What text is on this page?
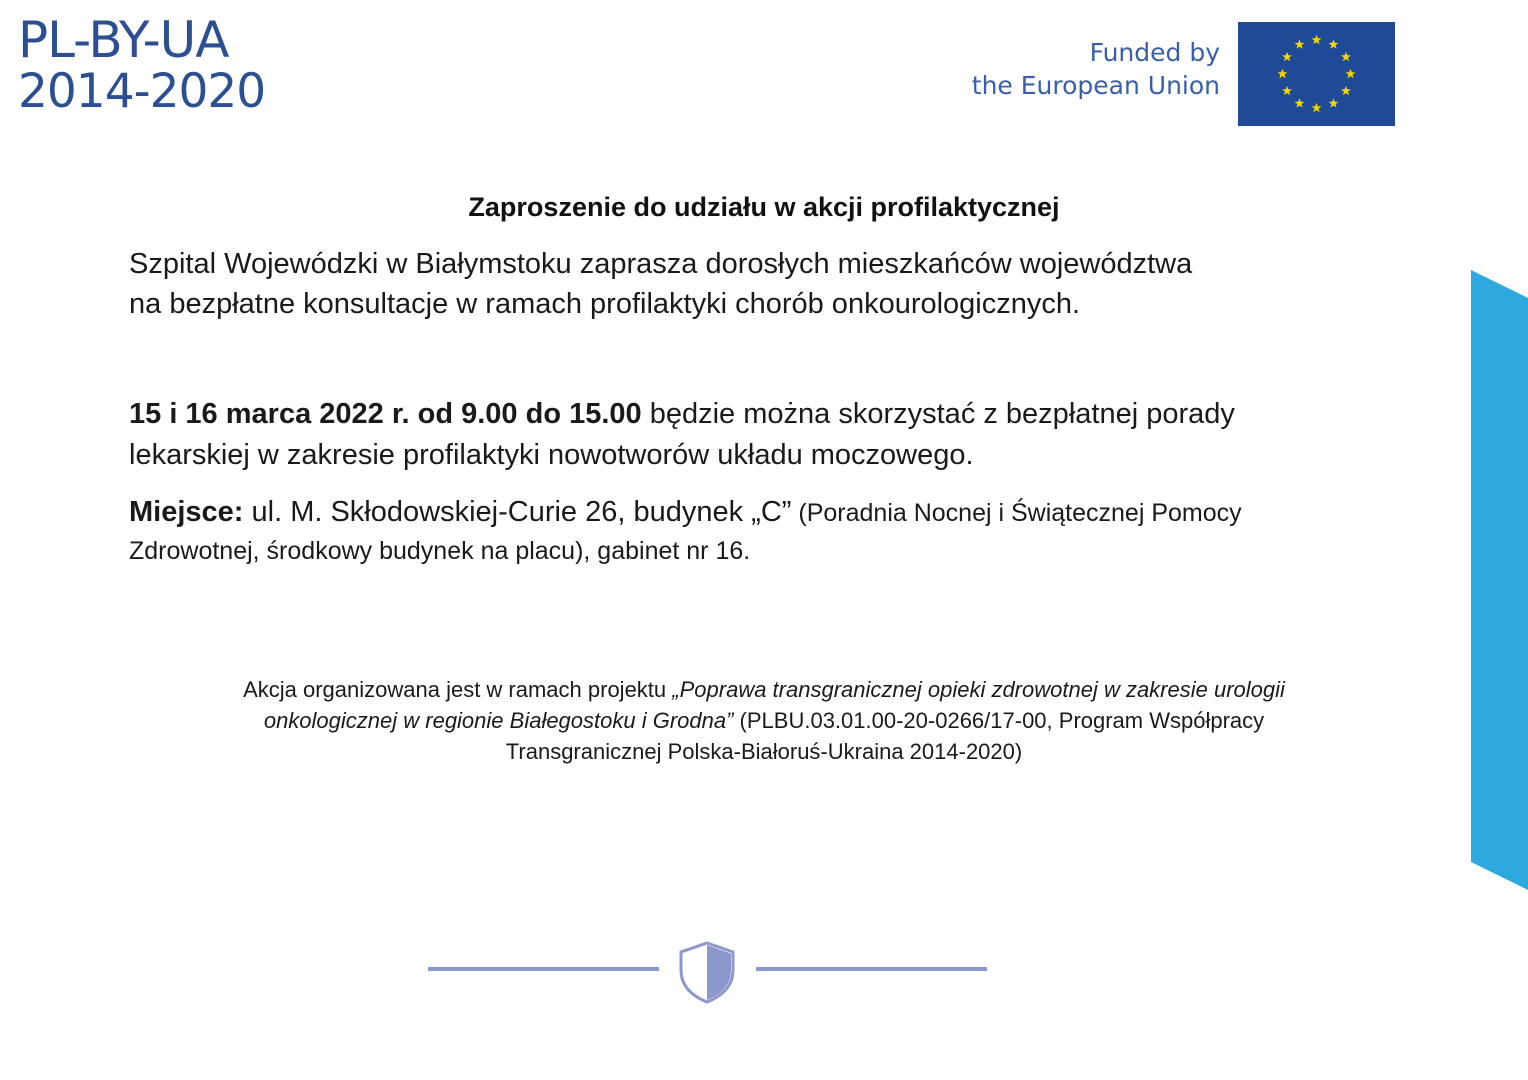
PL-BY-UA
2014-2020
Funded by
the European Union
Zaproszenie do udziału w akcji profilaktycznej
Szpital Wojewódzki w Białymstoku zaprasza dorosłych mieszkańców województwa
na bezpłatne konsultacje w ramach profilaktyki chorób onkourologicznych.
15 i 16 marca 2022 r. od 9.00 do 15.00 będzie można skorzystać z bezpłatnej porady
lekarskiej w zakresie profilaktyki nowotworów układu moczowego.
Miejsce: ul. M. Skłodowskiej-Curie 26, budynek „C” (Poradnia Nocnej i Świątecznej Pomocy
Zdrowotnej, środkowy budynek na placu), gabinet nr 16.
Akcja organizowana jest w ramach projektu „Poprawa transgranicznej opieki zdrowotnej w zakresie urologii
onkologicznej w regionie Białegostoku i Grodna” (PLBU.03.01.00-20-0266/17-00, Program Współpracy
Transgranicznej Polska-Białoruś-Ukraina 2014-2020)
